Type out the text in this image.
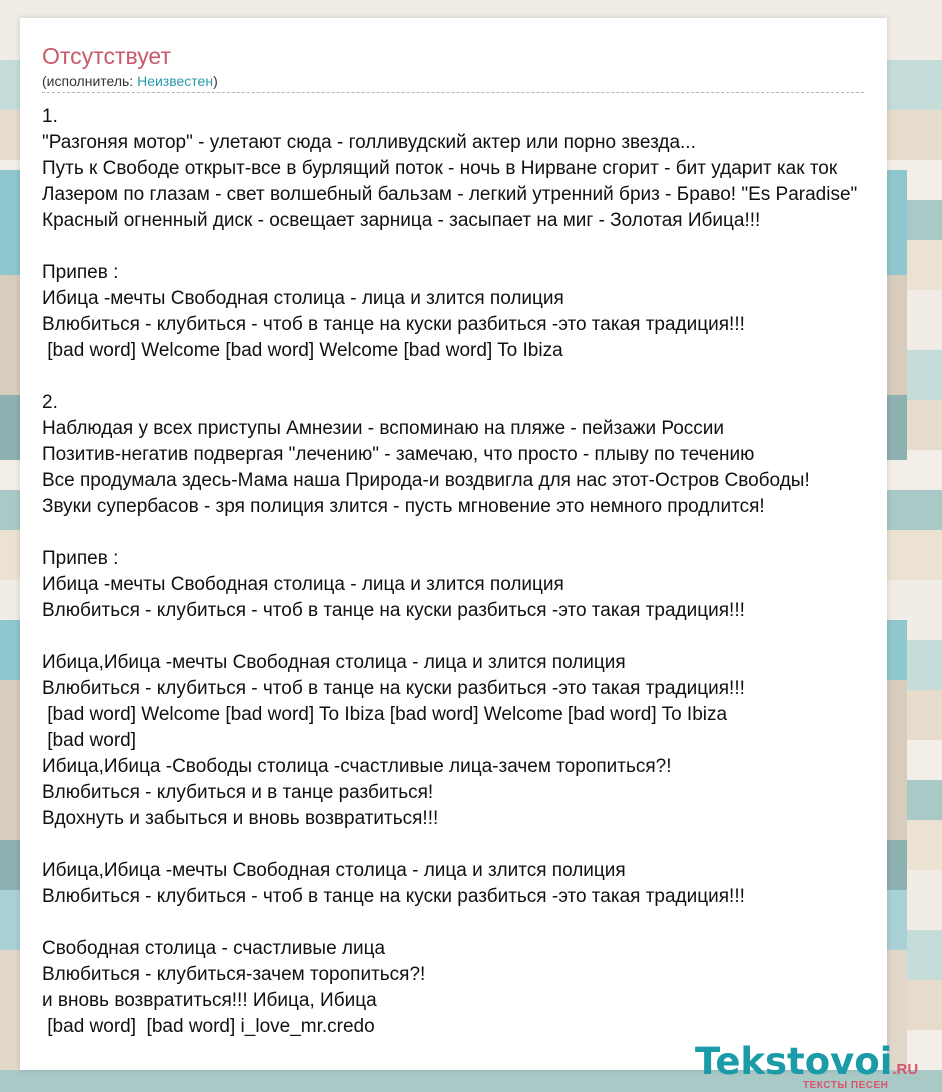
Отсутствует
(исполнитель: Неизвестен)
1.
"Разгоняя мотор" - улетают сюда - голливудский актер или порно звезда...
Путь к Свободе открыт-все в бурлящий поток - ночь в Нирване сгорит - бит ударит как ток
Лазером по глазам - свет волшебный бальзам - легкий утренний бриз - Браво! "Es Paradise"
Красный огненный диск - освещает зарница - засыпает на миг - Золотая Ибица!!!
Припев :
Ибица -мечты Свободная столица - лица и злится полиция
Влюбиться - клубиться - чтоб в танце на куски разбиться -это такая традиция!!!
[bad word] Welcome [bad word] Welcome [bad word] To Ibiza
2.
Наблюдая у всех приступы Амнезии - вспоминаю на пляже - пейзажи России
Позитив-негатив подвергая "лечению" - замечаю, что просто - плыву по течению
Все продумала здесь-Мама наша Природа-и воздвигла для нас этот-Остров Свободы!
Звуки супербасов - зря полиция злится - пусть мгновение это немного продлится!
Припев :
Ибица -мечты Свободная столица - лица и злится полиция
Влюбиться - клубиться - чтоб в танце на куски разбиться -это такая традиция!!!
Ибица,Ибица -мечты Свободная столица - лица и злится полиция
Влюбиться - клубиться - чтоб в танце на куски разбиться -это такая традиция!!!
[bad word] Welcome [bad word] To Ibiza [bad word] Welcome [bad word] To Ibiza
[bad word]
Ибица,Ибица -Свободы столица -счастливые лица-зачем торопиться?!
Влюбиться - клубиться и в танце разбиться!
Вдохнуть и забыться и вновь возвратиться!!!
Ибица,Ибица -мечты Свободная столица - лица и злится полиция
Влюбиться - клубиться - чтоб в танце на куски разбиться -это такая традиция!!!
Свободная столица - счастливые лица
Влюбиться - клубиться-зачем торопиться?!
и вновь возвратиться!!! Ибица, Ибица
[bad word]  [bad word] i_love_mr.credo
Tekstovoi.RU
ТЕКСТЫ ПЕСЕН
